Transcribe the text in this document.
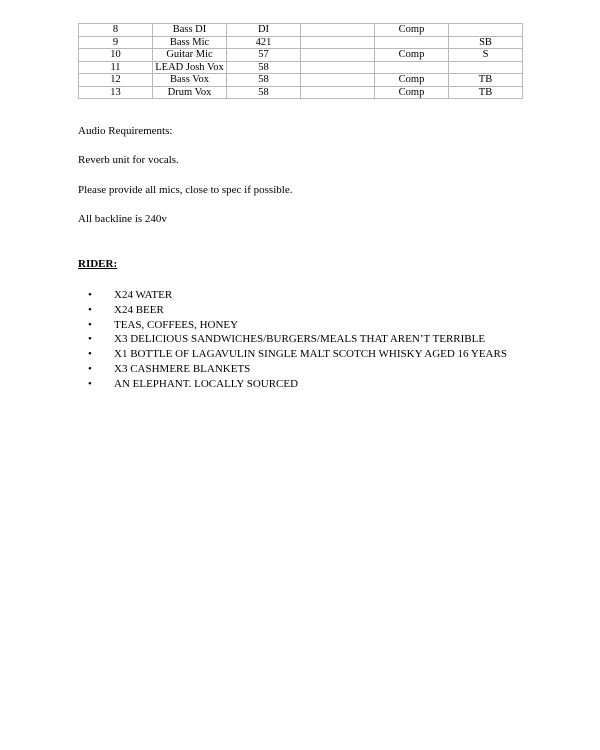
8	Bass DI	DI		Comp	
9	Bass Mic	421			SB
10	Guitar Mic	57		Comp	S
11	LEAD Josh Vox	58			
12	Bass Vox	58		Comp	TB
13	Drum Vox	58		Comp	TB

Audio Requirements:

Reverb unit for vocals.

Please provide all mics, close to spec if possible.

All backline is 240v

RIDER:

• X24 WATER
• X24 BEER
• TEAS, COFFEES, HONEY
• X3 DELICIOUS SANDWICHES/BURGERS/MEALS THAT AREN’T TERRIBLE
• X1 BOTTLE OF LAGAVULIN SINGLE MALT SCOTCH WHISKY AGED 16 YEARS
• X3 CASHMERE BLANKETS
• AN ELEPHANT. LOCALLY SOURCED
